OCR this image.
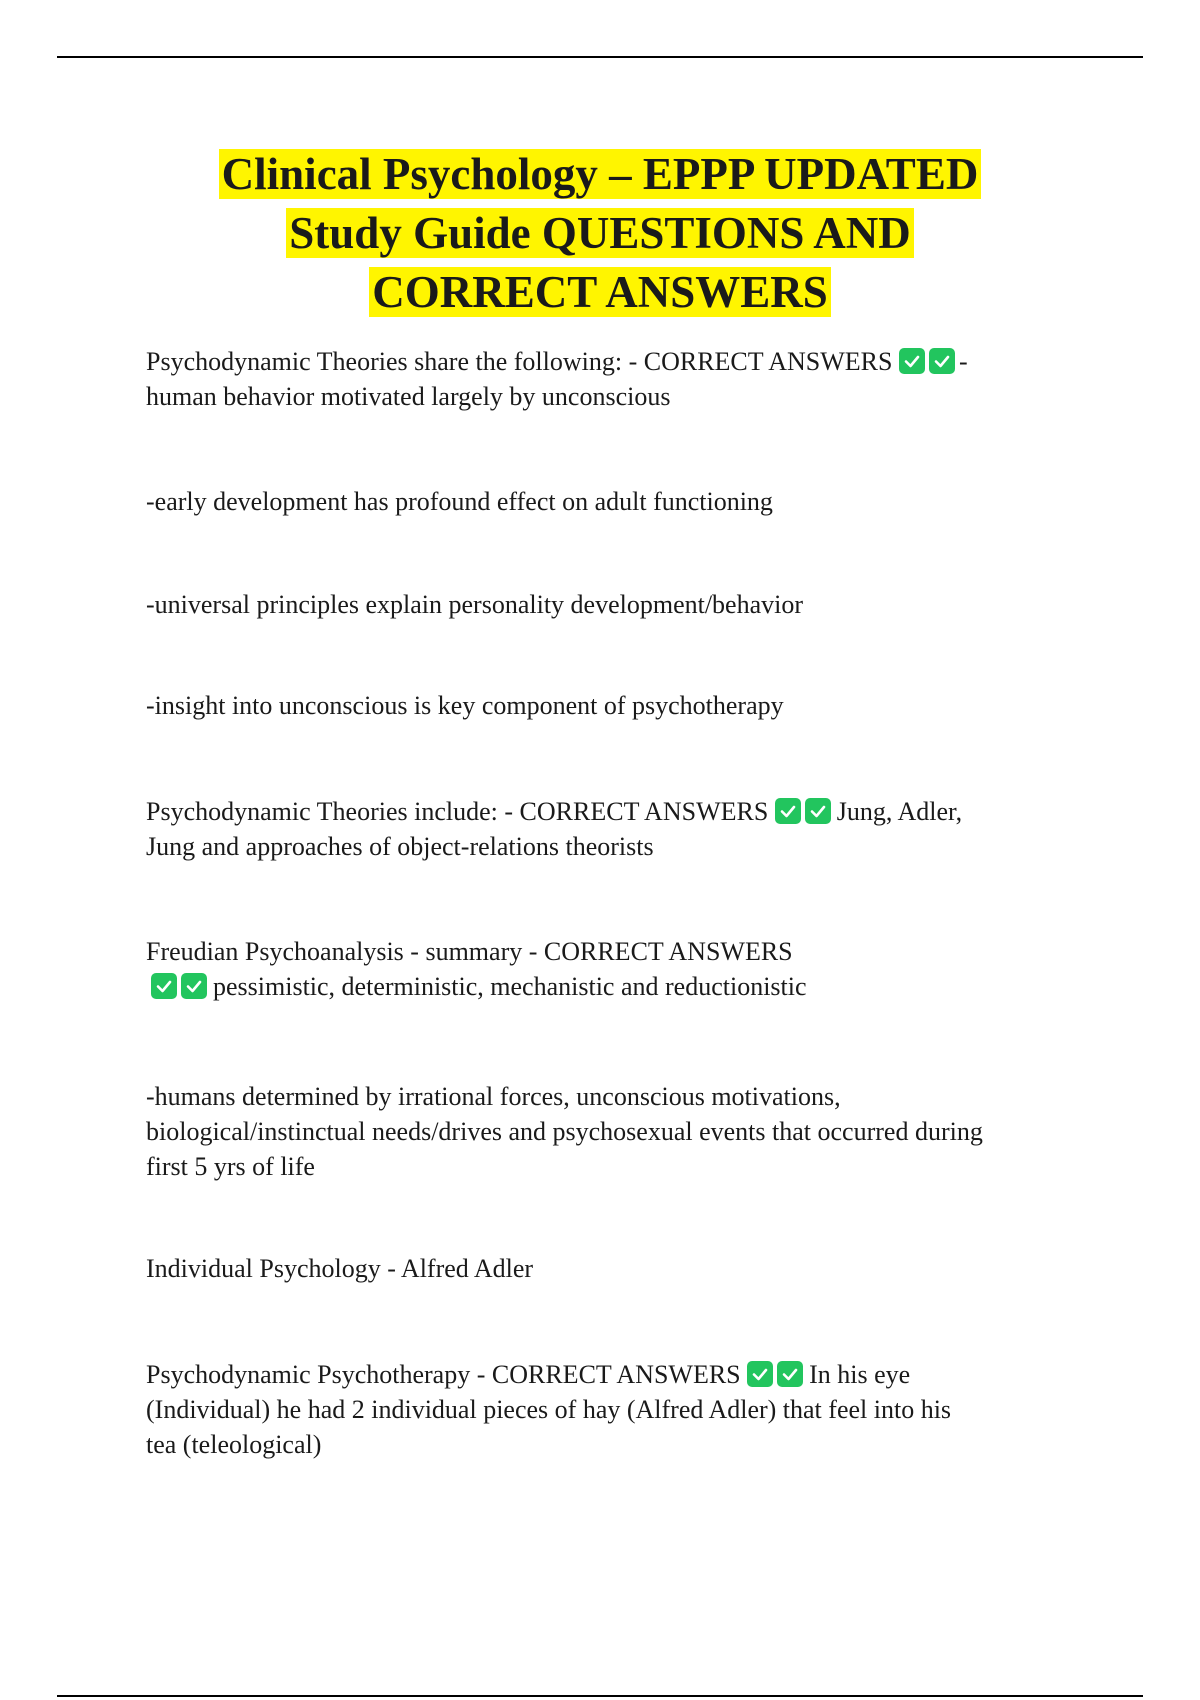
Clinical Psychology – EPPP UPDATED
Study Guide QUESTIONS AND
CORRECT ANSWERS

Psychodynamic Theories share the following: - CORRECT ANSWERS	-
human behavior motivated largely by unconscious

-early development has profound effect on adult functioning

-universal principles explain personality development/behavior

-insight into unconscious is key component of psychotherapy

Psychodynamic Theories include: - CORRECT ANSWERS	Jung, Adler,
Jung and approaches of object-relations theorists

Freudian Psychoanalysis - summary - CORRECT ANSWERS

pessimistic, deterministic, mechanistic and reductionistic

-humans determined by irrational forces, unconscious motivations,
biological/instinctual needs/drives and psychosexual events that occurred during
first 5 yrs of life

Individual Psychology - Alfred Adler

Psychodynamic Psychotherapy - CORRECT ANSWERS	In his eye
(Individual) he had 2 individual pieces of hay (Alfred Adler) that feel into his
tea (teleological)
